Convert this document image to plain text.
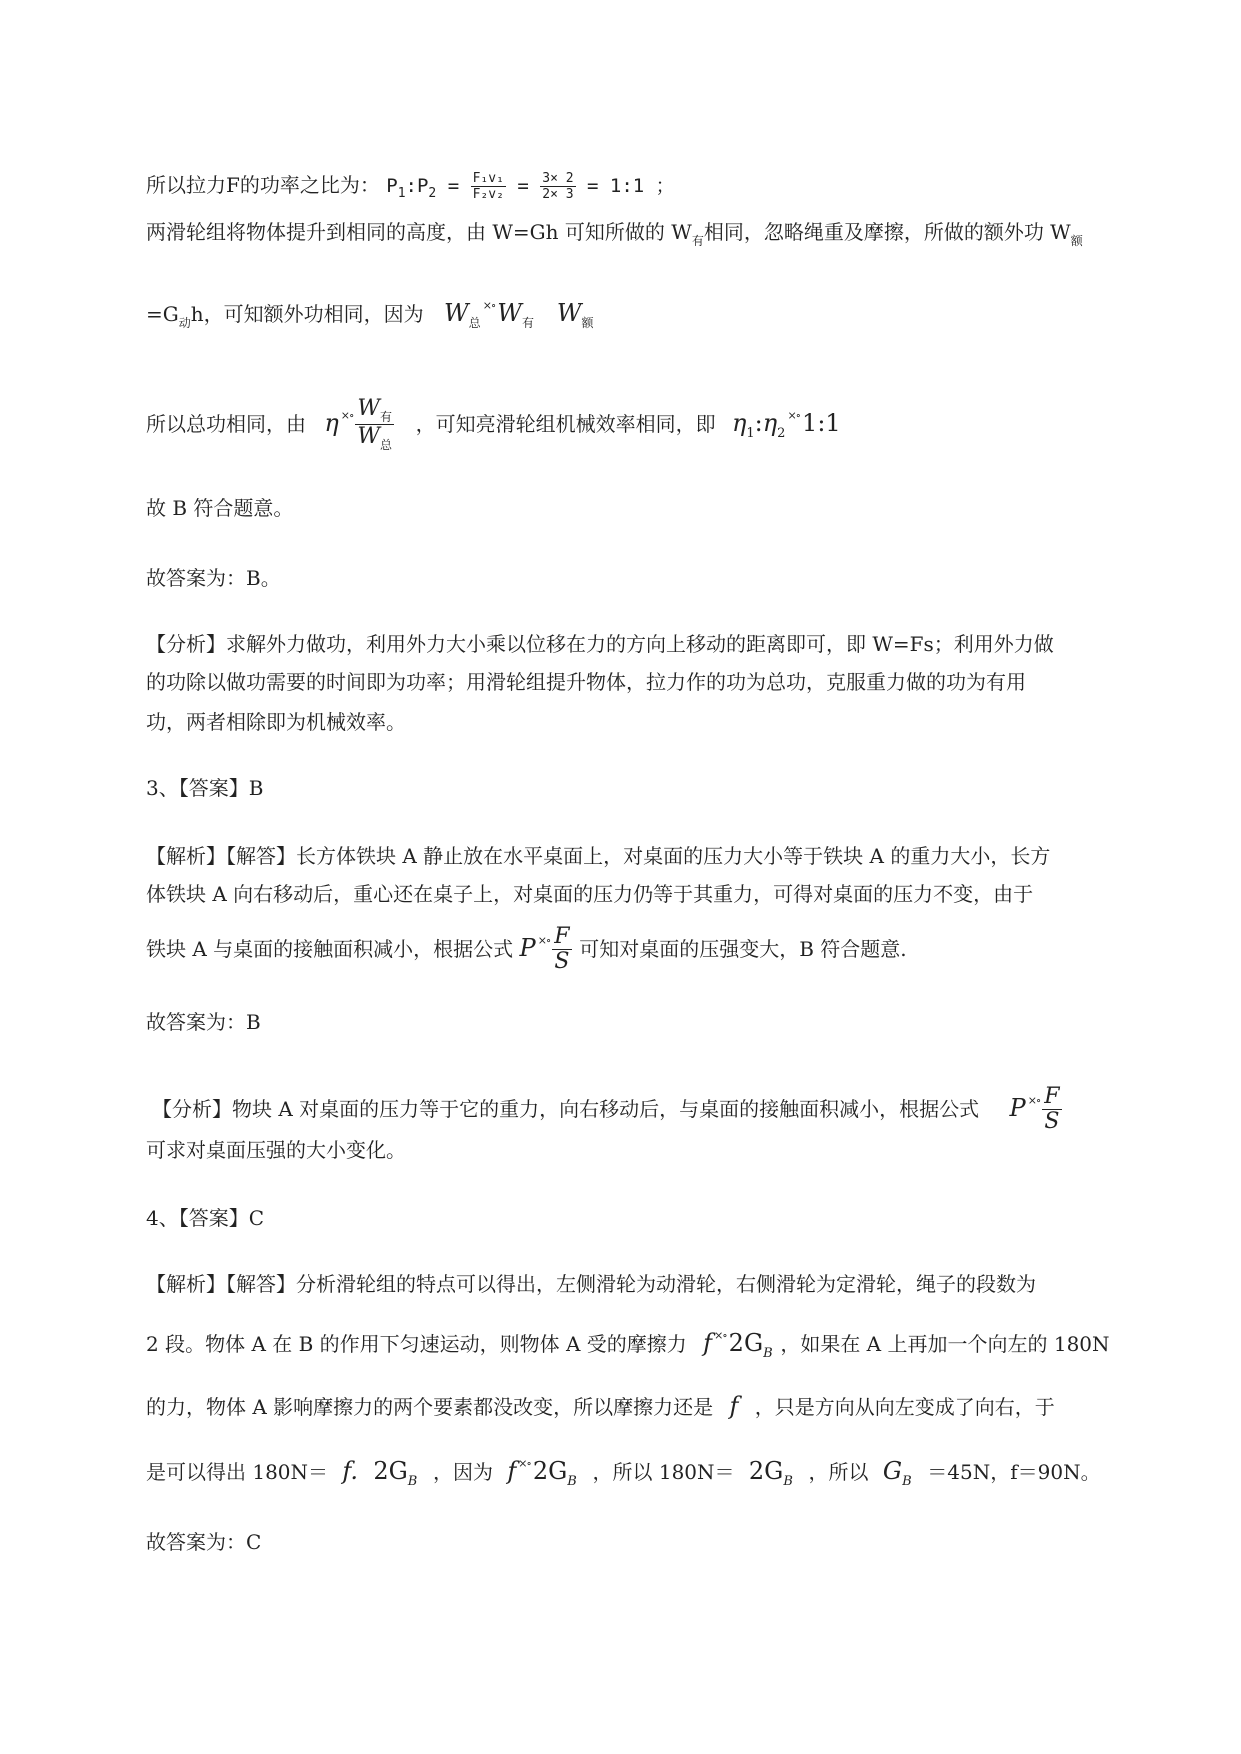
所以拉力F的功率之比为： $P_1:P_2 = \frac{\text{F₁v₁}}{\text{F₂v₂}} = \frac{3\times 2}{2\times 3}$ = 1:1 ；
两滑轮组将物体提升到相同的高度，由 W=Gh 可知所做的 $W_有$相同，忽略绳重及摩擦，所做的额外功 $W_额$
$=G_动h$，可知额外功相同，因为 $W_总^{\times\circ}W_有$ $W_额$
所以总功相同，由 η $^{\times\circ} \frac{W_有}{W_总}$ ，可知亮滑轮组机械效率相同，即 $\eta_1:\eta_2^{\times\circ}1:1$
故 B 符合题意。
故答案为：B。
【分析】求解外力做功，利用外力大小乘以位移在力的方向上移动的距离即可，即 W=Fs；利用外力做
的功除以做功需要的时间即为功率；用滑轮组提升物体，拉力作的功为总功，克服重力做的功为有用
功，两者相除即为机械效率。
3、【答案】B
【解析】【解答】长方体铁块 A 静止放在水平桌面上，对桌面的压力大小等于铁块 A 的重力大小，长方
体铁块 A 向右移动后，重心还在桌子上，对桌面的压力仍等于其重力，可得对桌面的压力不变，由于
铁块 A 与桌面的接触面积减小，根据公式 P $^{\times\circ} \frac{F}{S}$ 可知对桌面的压强变大，B 符合题意.
故答案为：B
【分析】物块 A 对桌面的压力等于它的重力，向右移动后，与桌面的接触面积减小，根据公式 P $^{\times\circ} \frac{F}{S}$
可求对桌面压强的大小变化。
4、【答案】C
【解析】【解答】分析滑轮组的特点可以得出，左侧滑轮为动滑轮，右侧滑轮为定滑轮，绳子的段数为
2 段。物体 A 在 B 的作用下匀速运动，则物体 A 受的摩擦力 f $^{\times\circ}2G_B$ ，如果在 A 上再加一个向左的 180N
的力，物体 A 影响摩擦力的两个要素都没改变，所以摩擦力还是 f ，只是方向从向左变成了向右，于
是可以得出 180N＝ f. $2G_B$ ，因为 f $^{\times\circ}2G_B$ ，所以 $180N= 2G_B$ ，所以 $G_B =45N$，f＝90N。
故答案为：C
